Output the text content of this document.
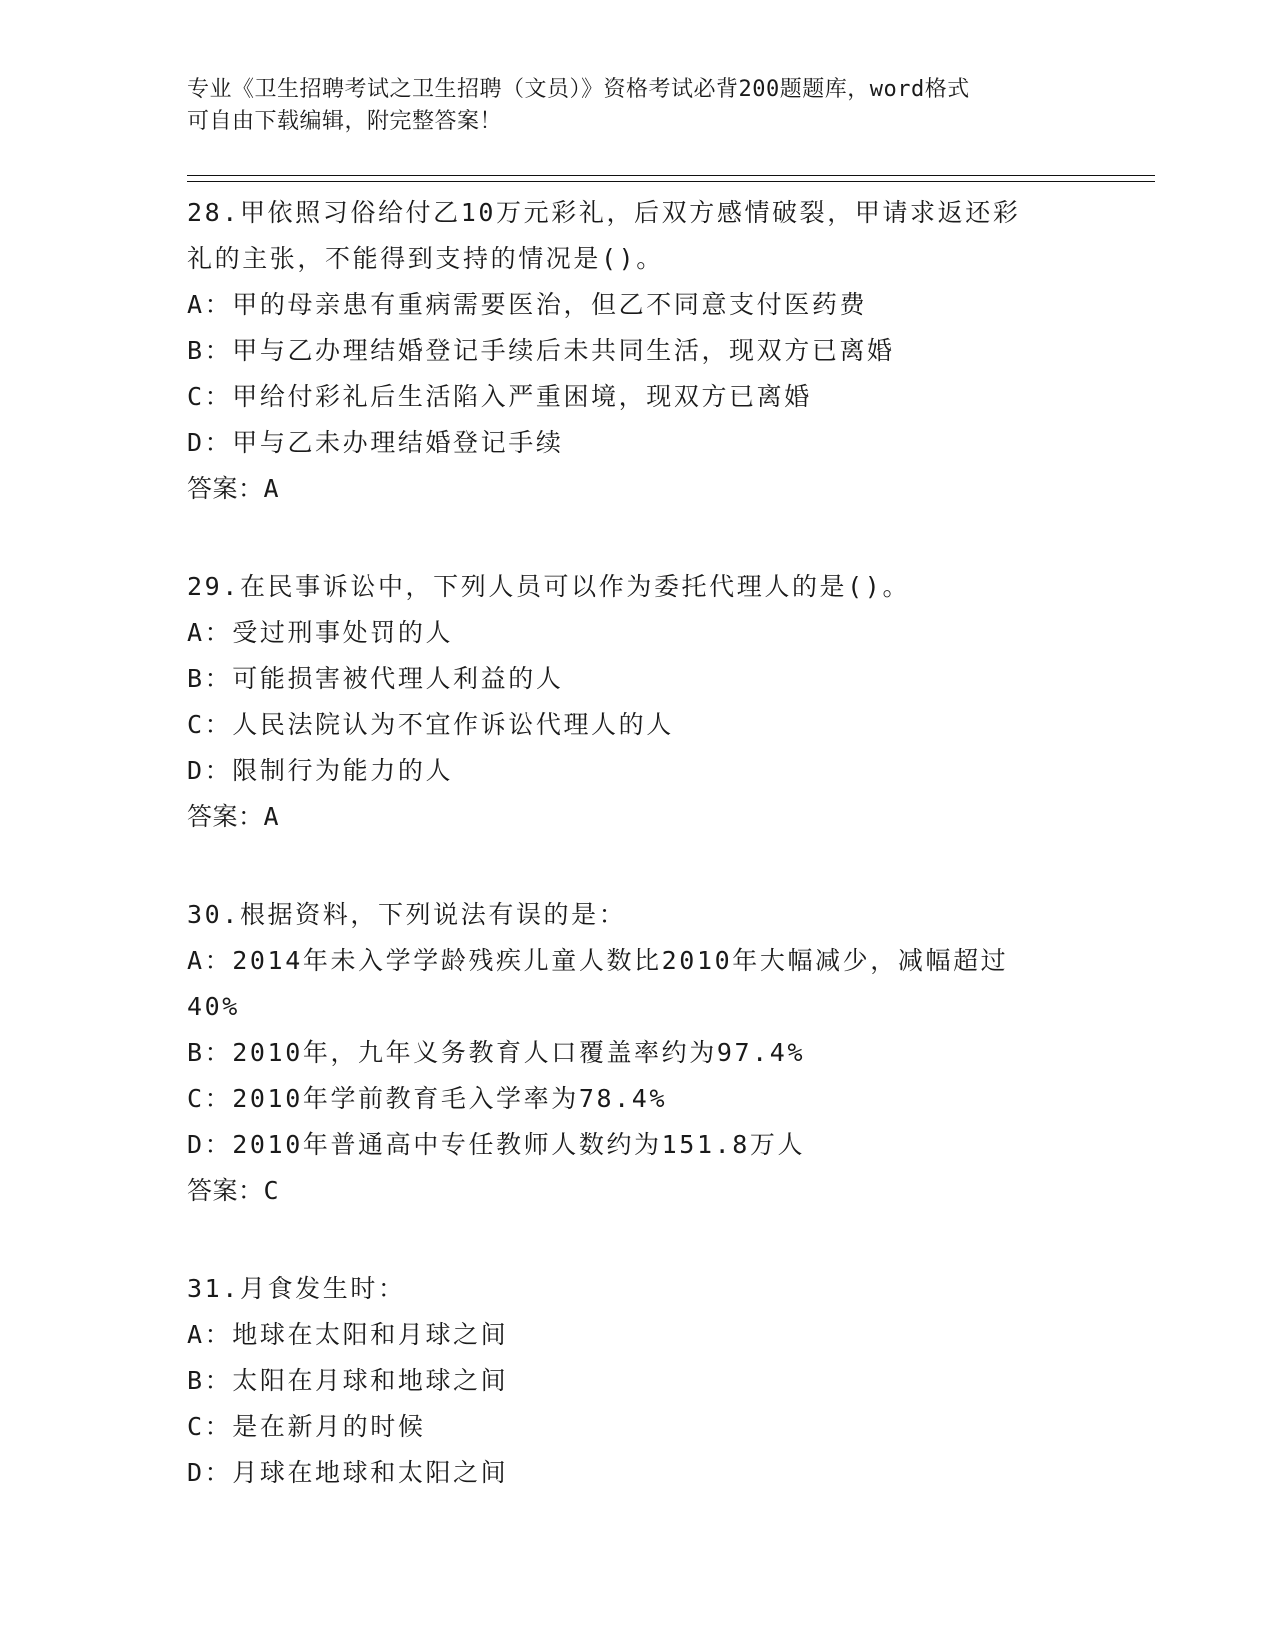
专业《卫生招聘考试之卫生招聘（文员）》资格考试必背200题题库，word格式
可自由下载编辑，附完整答案！
28.甲依照习俗给付乙10万元彩礼，后双方感情破裂，甲请求返还彩
礼的主张，不能得到支持的情况是()。
A：甲的母亲患有重病需要医治，但乙不同意支付医药费
B：甲与乙办理结婚登记手续后未共同生活，现双方已离婚
C：甲给付彩礼后生活陷入严重困境，现双方已离婚
D：甲与乙未办理结婚登记手续
答案：A
29.在民事诉讼中，下列人员可以作为委托代理人的是()。
A：受过刑事处罚的人
B：可能损害被代理人利益的人
C：人民法院认为不宜作诉讼代理人的人
D：限制行为能力的人
答案：A
30.根据资料，下列说法有误的是：
A：2014年未入学学龄残疾儿童人数比2010年大幅减少，减幅超过
40%
B：2010年，九年义务教育人口覆盖率约为97.4%
C：2010年学前教育毛入学率为78.4%
D：2010年普通高中专任教师人数约为151.8万人
答案：C
31.月食发生时：
A：地球在太阳和月球之间
B：太阳在月球和地球之间
C：是在新月的时候
D：月球在地球和太阳之间
